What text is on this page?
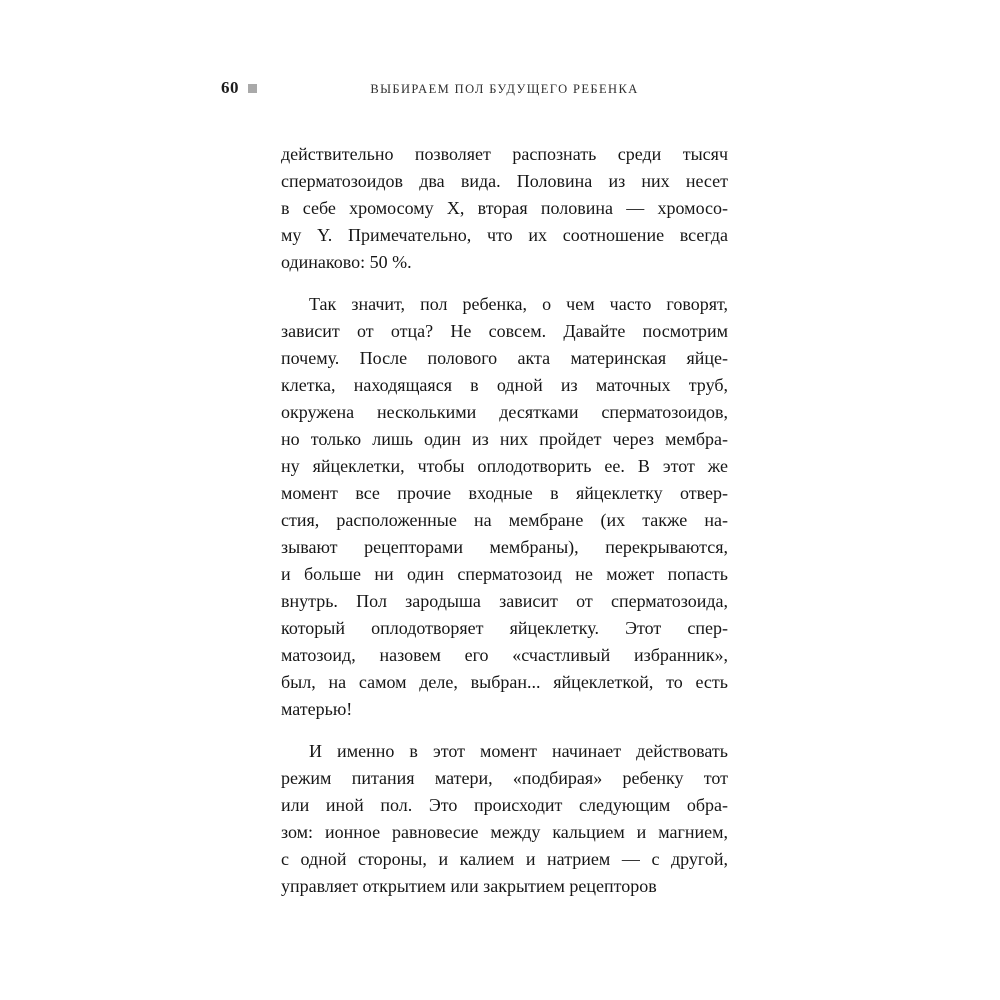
60	ВЫБИРАЕМ ПОЛ БУДУЩЕГО РЕБЕНКА
действительно позволяет распознать среди тысяч
сперматозоидов два вида. Половина из них несет
в себе хромосому X, вторая половина — хромосо-
му Y. Примечательно, что их соотношение всегда
одинаково: 50 %.
Так значит, пол ребенка, о чем часто говорят,
зависит от отца? Не совсем. Давайте посмотрим
почему. После полового акта материнская яйце-
клетка, находящаяся в одной из маточных труб,
окружена несколькими десятками сперматозоидов,
но только лишь один из них пройдет через мембра-
ну яйцеклетки, чтобы оплодотворить ее. В этот же
момент все прочие входные в яйцеклетку отвер-
стия, расположенные на мембране (их также на-
зывают рецепторами мембраны), перекрываются,
и больше ни один сперматозоид не может попасть
внутрь. Пол зародыша зависит от сперматозоида,
который оплодотворяет яйцеклетку. Этот спер-
матозоид, назовем его «счастливый избранник»,
был, на самом деле, выбран... яйцеклеткой, то есть
матерью!
И именно в этот момент начинает действовать
режим питания матери, «подбирая» ребенку тот
или иной пол. Это происходит следующим обра-
зом: ионное равновесие между кальцием и магнием,
с одной стороны, и калием и натрием — с другой,
управляет открытием или закрытием рецепторов
